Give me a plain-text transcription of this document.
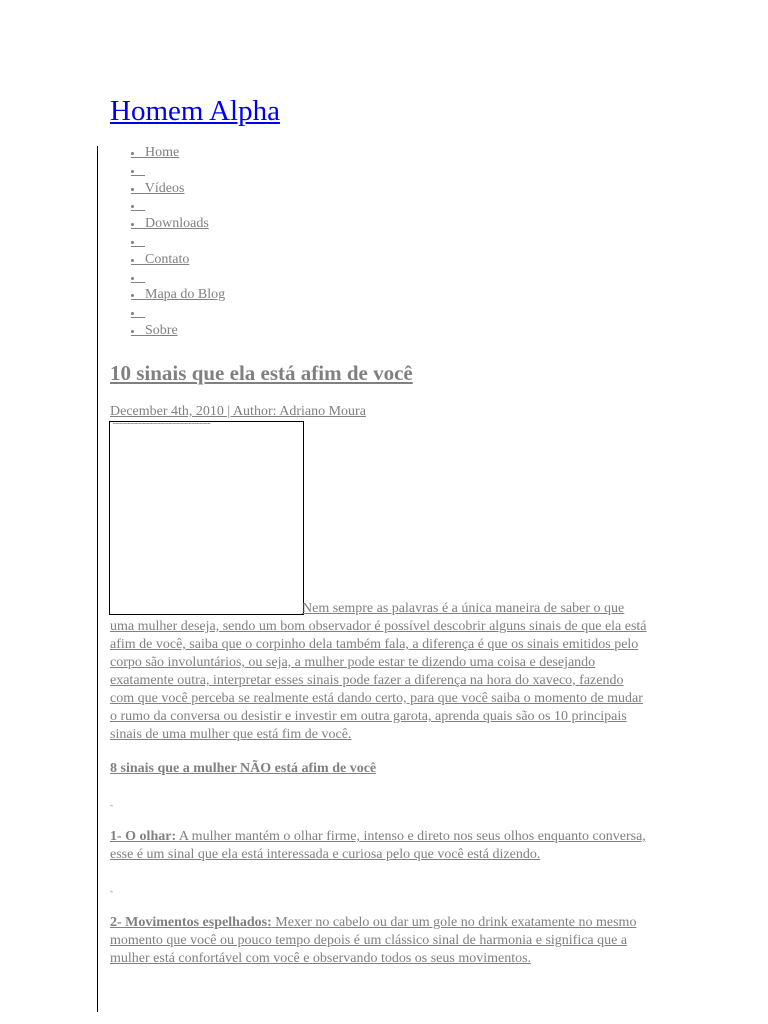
Homem Alpha
Home

Vídeos

Downloads

Contato

Mapa do Blog

Sobre
10 sinais que ela está afim de você
December 4th, 2010 | Author: Adriano Moura
▪▪▪▪▪▪▪▪▪▪▪▪▪▪▪▪▪▪▪▪▪▪▪▪▪▪▪▪▪▪▪▪▪▪▪▪▪▪▪▪▪▪▪▪▪▪▪▪▪▪▪▪▪▪▪▪▪▪▪▪▪▪▪▪▪▪▪▪▪▪▪▪

Nem sempre as palavras é a única maneira de saber o que uma mulher deseja, sendo um bom observador é possível descobrir alguns sinais de que ela está afim de você, saiba que o corpinho dela também fala, a diferença é que os sinais emitidos pelo corpo são involuntários, ou seja, a mulher pode estar te dizendo uma coisa e desejando exatamente outra, interpretar esses sinais pode fazer a diferença na hora do xaveco, fazendo com que você perceba se realmente está dando certo, para que você saiba o momento de mudar o rumo da conversa ou desistir e investir em outra garota, aprenda quais são os 10 principais sinais de uma mulher que está fim de você.

8 sinais que a mulher NÃO está afim de você

-

1- O olhar: A mulher mantém o olhar firme, intenso e direto nos seus olhos enquanto conversa, esse é um sinal que ela está interessada e curiosa pelo que você está dizendo.

-

2- Movimentos espelhados: Mexer no cabelo ou dar um gole no drink exatamente no mesmo momento que você ou pouco tempo depois é um clássico sinal de harmonia e significa que a mulher está confortável com você e observando todos os seus movimentos.
